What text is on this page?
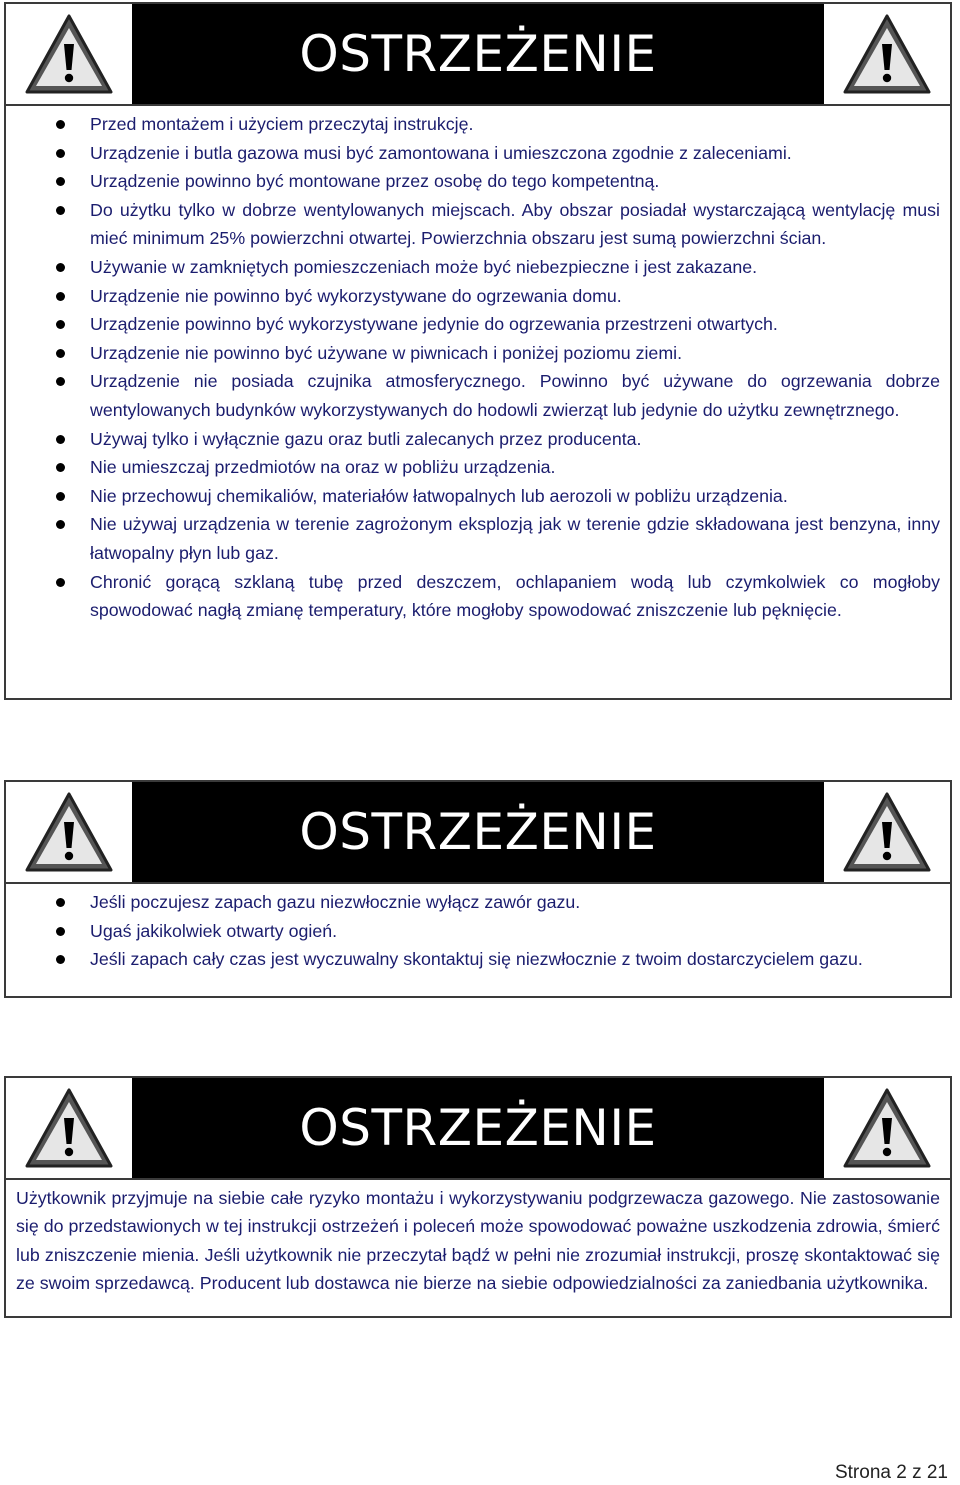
OSTRZEŻENIE
Przed montażem i użyciem przeczytaj instrukcję.
Urządzenie i butla gazowa musi być zamontowana i umieszczona zgodnie z zaleceniami.
Urządzenie powinno być montowane przez osobę do tego kompetentną.
Do użytku tylko w dobrze wentylowanych miejscach. Aby obszar posiadał wystarczającą wentylację musi mieć minimum 25% powierzchni otwartej. Powierzchnia obszaru jest sumą powierzchni ścian.
Używanie w zamkniętych pomieszczeniach może być niebezpieczne i jest zakazane.
Urządzenie nie powinno być wykorzystywane do ogrzewania domu.
Urządzenie powinno być wykorzystywane jedynie do ogrzewania przestrzeni otwartych.
Urządzenie nie powinno być używane w piwnicach i poniżej poziomu ziemi.
Urządzenie nie posiada czujnika atmosferycznego. Powinno być używane do ogrzewania dobrze wentylowanych budynków wykorzystywanych do hodowli zwierząt lub jedynie do użytku zewnętrznego.
Używaj tylko i wyłącznie gazu oraz butli zalecanych przez producenta.
Nie umieszczaj przedmiotów na oraz w pobliżu urządzenia.
Nie przechowuj chemikaliów, materiałów łatwopalnych lub aerozoli w pobliżu urządzenia.
Nie używaj urządzenia w terenie zagrożonym eksplozją jak w terenie gdzie składowana jest benzyna, inny łatwopalny płyn lub gaz.
Chronić gorącą szklaną tubę przed deszczem, ochlapaniem wodą lub czymkolwiek co mogłoby spowodować nagłą zmianę temperatury, które mogłoby spowodować zniszczenie lub pęknięcie.
OSTRZEŻENIE
Jeśli poczujesz zapach gazu niezwłocznie wyłącz zawór gazu.
Ugaś jakikolwiek otwarty ogień.
Jeśli zapach cały czas jest wyczuwalny skontaktuj się niezwłocznie z twoim dostarczycielem gazu.
OSTRZEŻENIE
Użytkownik przyjmuje na siebie całe ryzyko montażu i wykorzystywaniu podgrzewacza gazowego. Nie zastosowanie się do przedstawionych w tej instrukcji ostrzeżeń i poleceń może spowodować poważne uszkodzenia zdrowia, śmierć lub zniszczenie mienia. Jeśli użytkownik nie przeczytał bądź w pełni nie zrozumiał instrukcji, proszę skontaktować się ze swoim sprzedawcą. Producent lub dostawca nie bierze na siebie odpowiedzialności za zaniedbania użytkownika.
Strona 2 z 21
